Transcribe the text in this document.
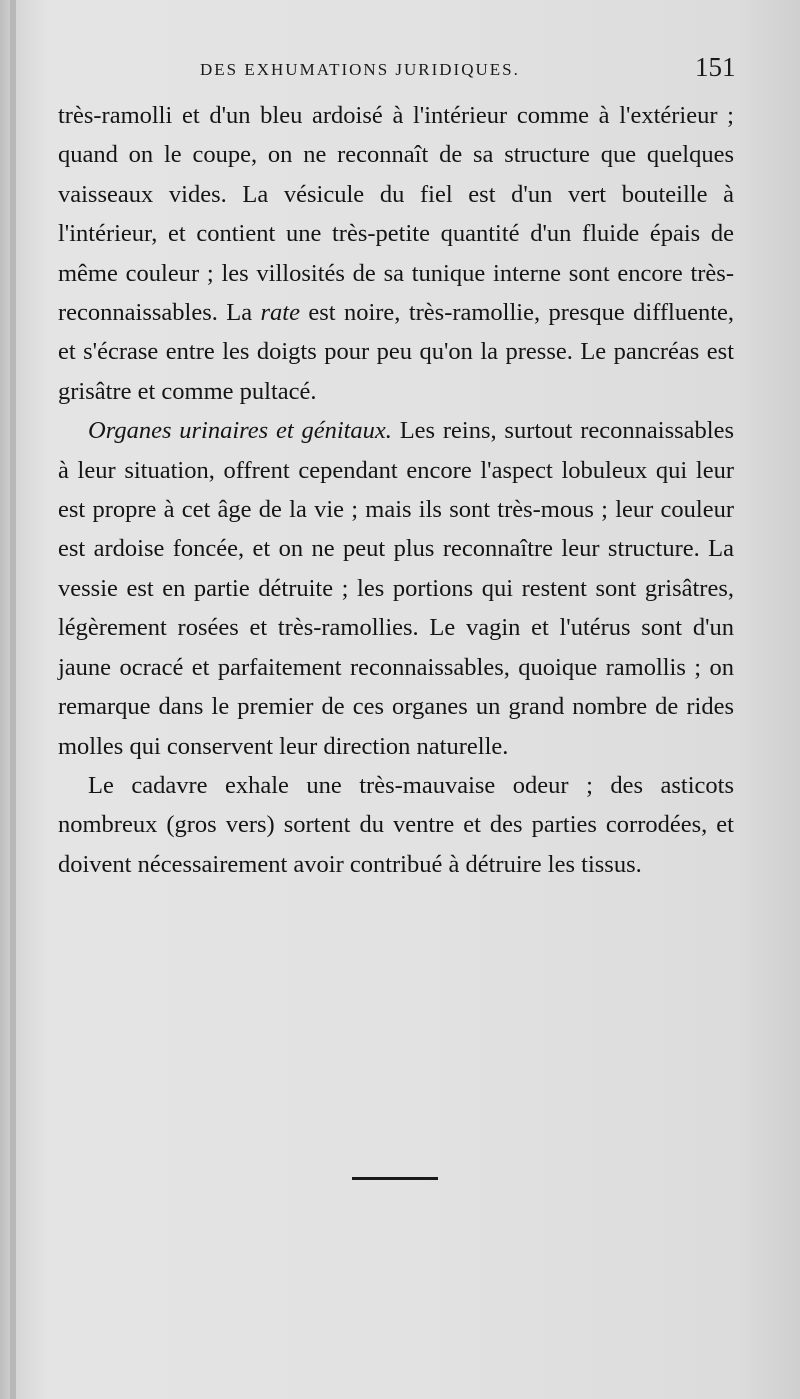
DES EXHUMATIONS JURIDIQUES.	151

très-ramolli et d'un bleu ardoisé à l'intérieur comme à l'extérieur ; quand on le coupe, on ne reconnaît de sa structure que quelques vaisseaux vides. La vésicule du fiel est d'un vert bouteille à l'intérieur, et contient une très-petite quantité d'un fluide épais de même couleur ; les villosités de sa tunique interne sont encore très-reconnaissables. La rate est noire, très-ramollie, presque diffluente, et s'écrase entre les doigts pour peu qu'on la presse. Le pancréas est grisâtre et comme pultacé.

Organes urinaires et génitaux. Les reins, surtout reconnaissables à leur situation, offrent cependant encore l'aspect lobuleux qui leur est propre à cet âge de la vie ; mais ils sont très-mous ; leur couleur est ardoise foncée, et on ne peut plus reconnaître leur structure. La vessie est en partie détruite ; les portions qui restent sont grisâtres, légèrement rosées et très-ramollies. Le vagin et l'utérus sont d'un jaune ocracé et parfaitement reconnaissables, quoique ramollis ; on remarque dans le premier de ces organes un grand nombre de rides molles qui conservent leur direction naturelle.

Le cadavre exhale une très-mauvaise odeur ; des asticots nombreux (gros vers) sortent du ventre et des parties corrodées, et doivent nécessairement avoir contribué à détruire les tissus.
